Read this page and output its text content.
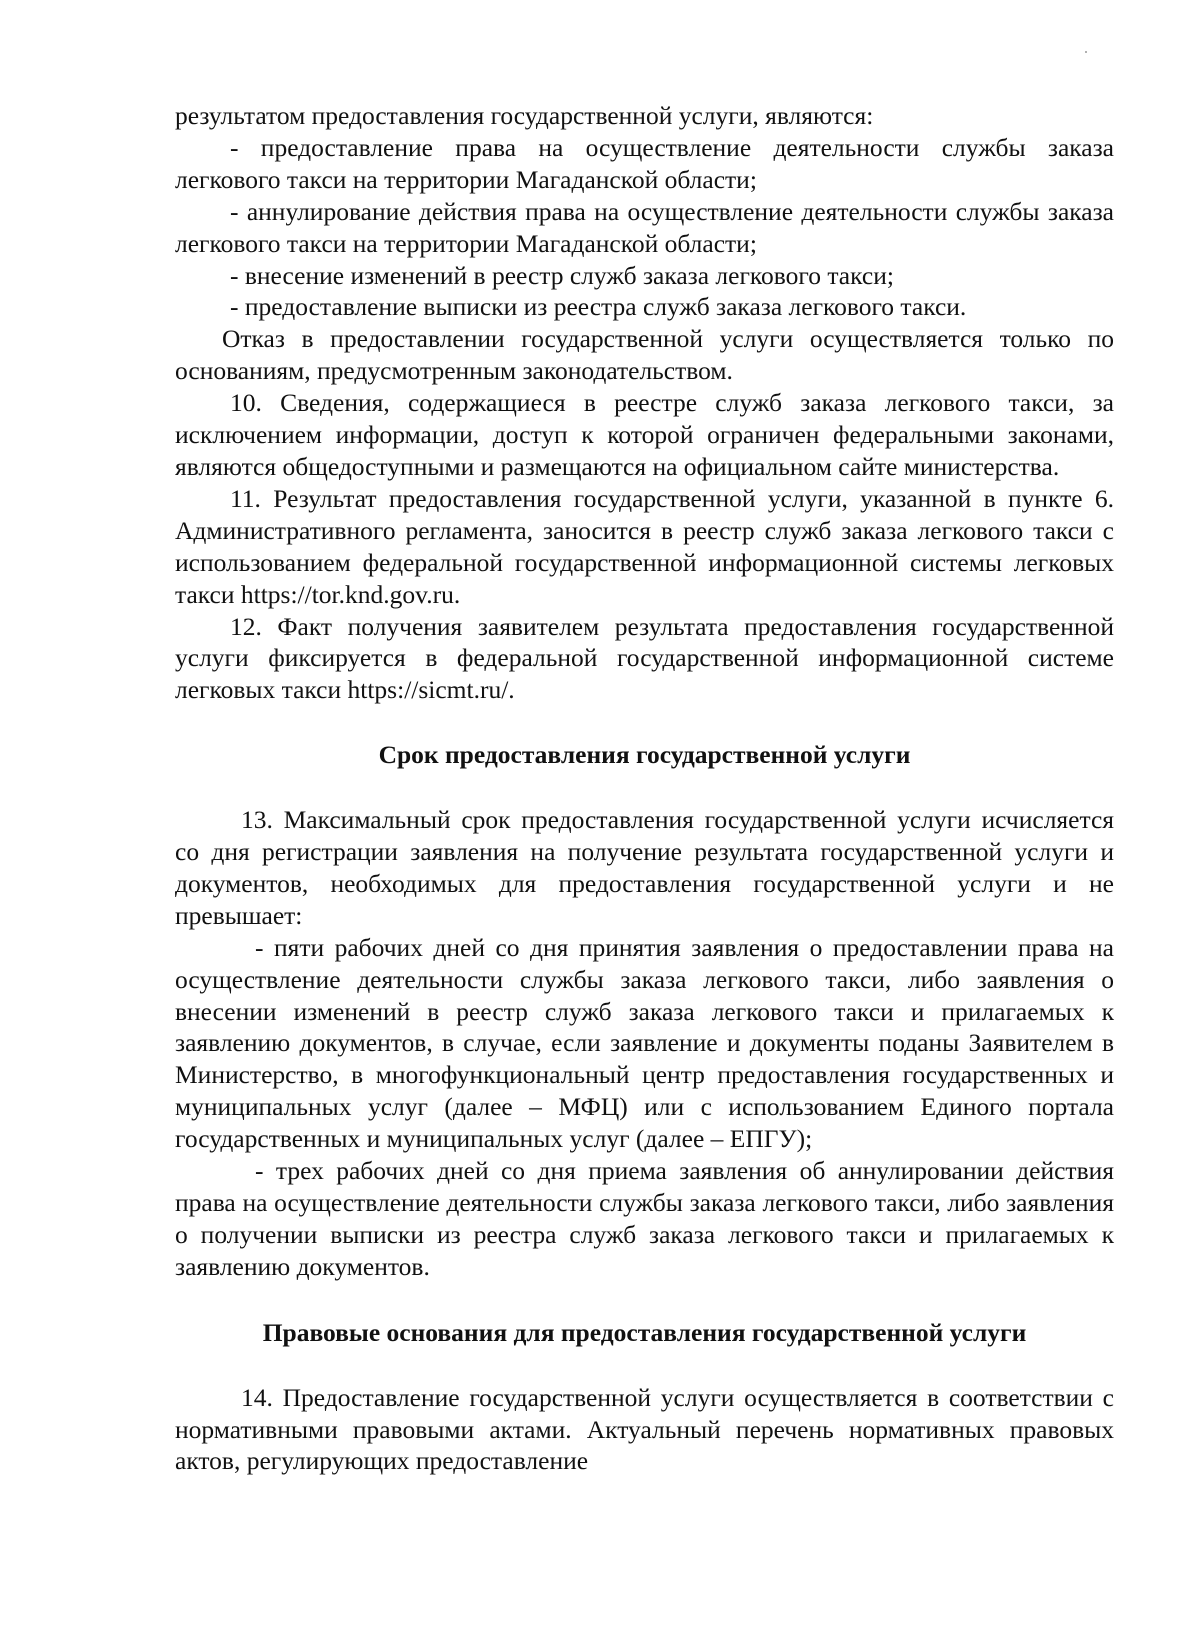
результатом предоставления государственной услуги, являются:

- предоставление права на осуществление деятельности службы заказа легкового такси на территории Магаданской области;

- аннулирование действия права на осуществление деятельности службы заказа легкового такси на территории Магаданской области;

- внесение изменений в реестр служб заказа легкового такси;

- предоставление выписки из реестра служб заказа легкового такси.

Отказ в предоставлении государственной услуги осуществляется только по основаниям, предусмотренным законодательством.

10. Сведения, содержащиеся в реестре служб заказа легкового такси, за исключением информации, доступ к которой ограничен федеральными законами, являются общедоступными и размещаются на официальном сайте министерства.

11. Результат предоставления государственной услуги, указанной в пункте 6. Административного регламента, заносится в реестр служб заказа легкового такси с использованием федеральной государственной информационной системы легковых такси https://tor.knd.gov.ru.

12. Факт получения заявителем результата предоставления государственной услуги фиксируется в федеральной государственной информационной системе легковых такси https://sicmt.ru/.

Срок предоставления государственной услуги

13. Максимальный срок предоставления государственной услуги исчисляется со дня регистрации заявления на получение результата государственной услуги и документов, необходимых для предоставления государственной услуги и не превышает:

- пяти рабочих дней со дня принятия заявления о предоставлении права на осуществление деятельности службы заказа легкового такси, либо заявления о внесении изменений в реестр служб заказа легкового такси и прилагаемых к заявлению документов, в случае, если заявление и документы поданы Заявителем в Министерство, в многофункциональный центр предоставления государственных и муниципальных услуг (далее – МФЦ) или с использованием Единого портала государственных и муниципальных услуг (далее – ЕПГУ);

- трех рабочих дней со дня приема заявления об аннулировании действия права на осуществление деятельности службы заказа легкового такси, либо заявления о получении выписки из реестра служб заказа легкового такси и прилагаемых к заявлению документов.

Правовые основания для предоставления государственной услуги

14. Предоставление государственной услуги осуществляется в соответствии с нормативными правовыми актами. Актуальный перечень нормативных правовых актов, регулирующих предоставление
